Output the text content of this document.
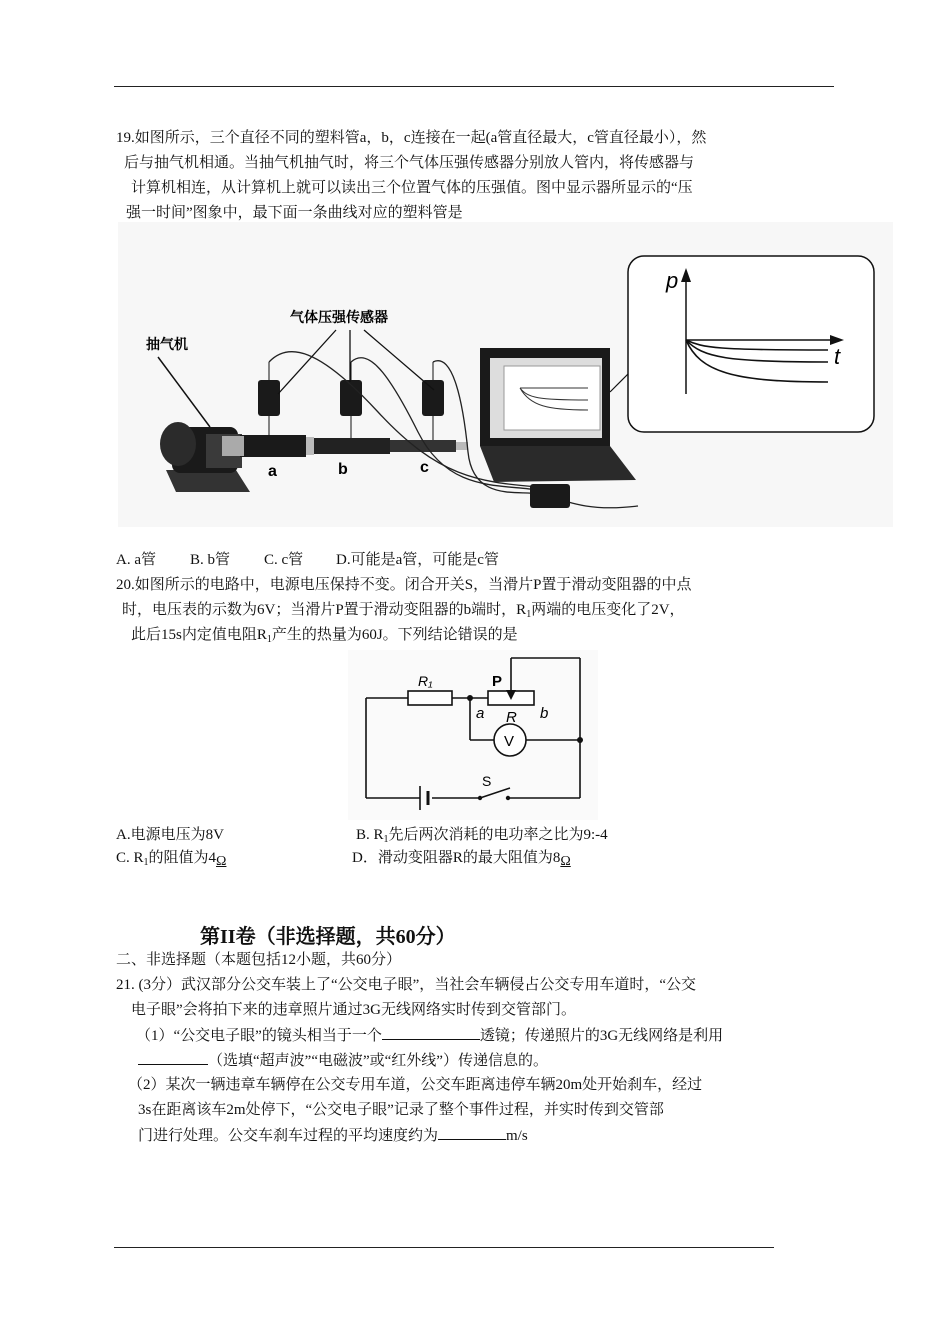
19.如图所示，三个直径不同的塑料管a，b，c连接在一起(a管直径最大，c管直径最小），然
后与抽气机相通。当抽气机抽气时，将三个气体压强传感器分别放人管内，将传感器与
计算机相连，从计算机上就可以读出三个位置气体的压强值。图中显示器所显示的“压
强一时间”图象中，最下面一条曲线对应的塑料管是
抽气机
a	b	c
气体压强传感器
p
t
A. a管 B. b管 C. c管 D.可能是a管，可能是c管
20.如图所示的电路中，电源电压保持不变。闭合开关S，当滑片P置于滑动变阻器的中点
时，电压表的示数为6V；当滑片P置于滑动变阻器的b端时，$R_1$两端的电压变化了2V，
此后15s内定值电阻$R_1$产生的热量为60J。下列结论错误的是
R₁	P
a R b
V
S
A.电源电压为8V	B. $R_1$先后两次消耗的电功率之比为9:-4
C. $R_1$的阻值为4Ω	D．滑动变阻器R的最大阻值为8Ω
第II卷（非选择题，共60分）
二、非选择题（本题包括12小题，共60分）
21. (3分）武汉部分公交车装上了“公交电子眼”，当社会车辆侵占公交专用车道时，“公交
电子眼”会将拍下来的违章照片通过3G无线网络实时传到交管部门。
（1）“公交电子眼”的镜头相当于一个	透镜；传递照片的3G无线网络是利用
（选填“超声波”“电磁波”或“红外线”）传递信息的。
（2）某次一辆违章车辆停在公交专用车道，公交车距离违停车辆20m处开始刹车，经过
3s在距离该车2m处停下，“公交电子眼”记录了整个事件过程，并实时传到交管部
门进行处理。公交车刹车过程的平均速度约为	m/s
